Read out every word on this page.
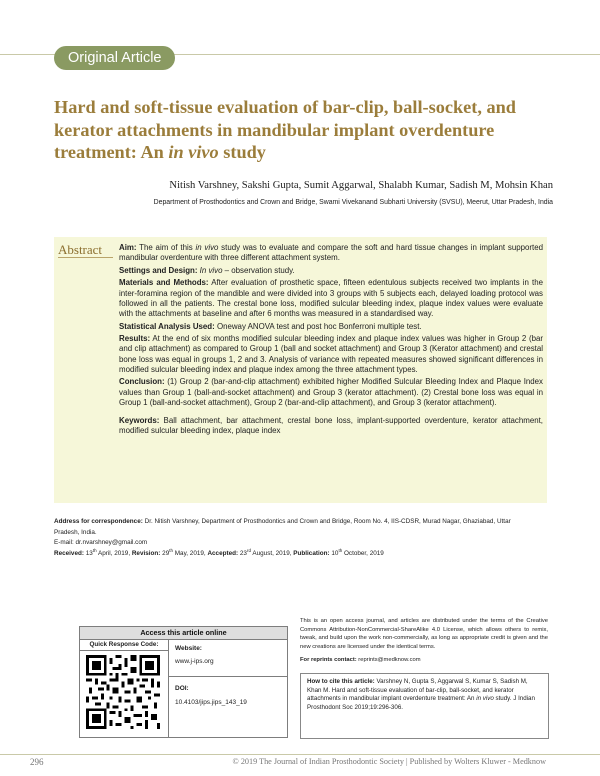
Original Article
Hard and soft-tissue evaluation of bar-clip, ball-socket, and kerator attachments in mandibular implant overdenture treatment: An in vivo study
Nitish Varshney, Sakshi Gupta, Sumit Aggarwal, Shalabh Kumar, Sadish M, Mohsin Khan
Department of Prosthodontics and Crown and Bridge, Swami Vivekanand Subharti University (SVSU), Meerut, Uttar Pradesh, India
Abstract Aim: The aim of this in vivo study was to evaluate and compare the soft and hard tissue changes in implant supported mandibular overdenture with three different attachment system.

Settings and Design: In vivo – observation study.

Materials and Methods: After evaluation of prosthetic space, fifteen edentulous subjects received two implants in the inter-foramina region of the mandible and were divided into 3 groups with 5 subjects each, delayed loading protocol was followed in all the patients. The crestal bone loss, modified sulcular bleeding index, plaque index values were evaluate with the attachments at baseline and after 6 months was measured in a standardised way.

Statistical Analysis Used: Oneway ANOVA test and post hoc Bonferroni multiple test.

Results: At the end of six months modified sulcular bleeding index and plaque index values was higher in Group 2 (bar and clip attachment) as compared to Group 1 (ball and socket attachment) and Group 3 (Kerator attachment) and crestal bone loss was equal in groups 1, 2 and 3. Analysis of variance with repeated measures showed significant differences in modified sulcular bleeding index and plaque index among the three attachment types.

Conclusion: (1) Group 2 (bar-and-clip attachment) exhibited higher Modified Sulcular Bleeding Index and Plaque Index values than Group 1 (ball-and-socket attachment) and Group 3 (kerator attachment). (2) Crestal bone loss was equal in Group 1 (ball-and-socket attachment), Group 2 (bar-and-clip attachment), and Group 3 (kerator attachment).

Keywords: Ball attachment, bar attachment, crestal bone loss, implant-supported overdenture, kerator attachment, modified sulcular bleeding index, plaque index

Address for correspondence: Dr. Nitish Varshney, Department of Prosthodontics and Crown and Bridge, Room No. 4, IIS-CDSR, Murad Nagar, Ghaziabad, Uttar Pradesh, India.
E-mail: dr.nvarshney@gmail.com
Received: 13th April, 2019, Revision: 29th May, 2019, Accepted: 23rd August, 2019, Publication: 10th October, 2019
Access this article online
Quick Response Code:
Website:
www.j-ips.org
DOI:
10.4103/jips.jips_143_19
This is an open access journal, and articles are distributed under the terms of the Creative Commons Attribution-NonCommercial-ShareAlike 4.0 License, which allows others to remix, tweak, and build upon the work non-commercially, as long as appropriate credit is given and the new creations are licensed under the identical terms.
For reprints contact: reprints@medknow.com
How to cite this article: Varshney N, Gupta S, Aggarwal S, Kumar S, Sadish M, Khan M. Hard and soft-tissue evaluation of bar-clip, ball-socket, and kerator attachments in mandibular implant overdenture treatment: An in vivo study. J Indian Prosthodont Soc 2019;19:296-306.
296	© 2019 The Journal of Indian Prosthodontic Society | Published by Wolters Kluwer - Medknow
